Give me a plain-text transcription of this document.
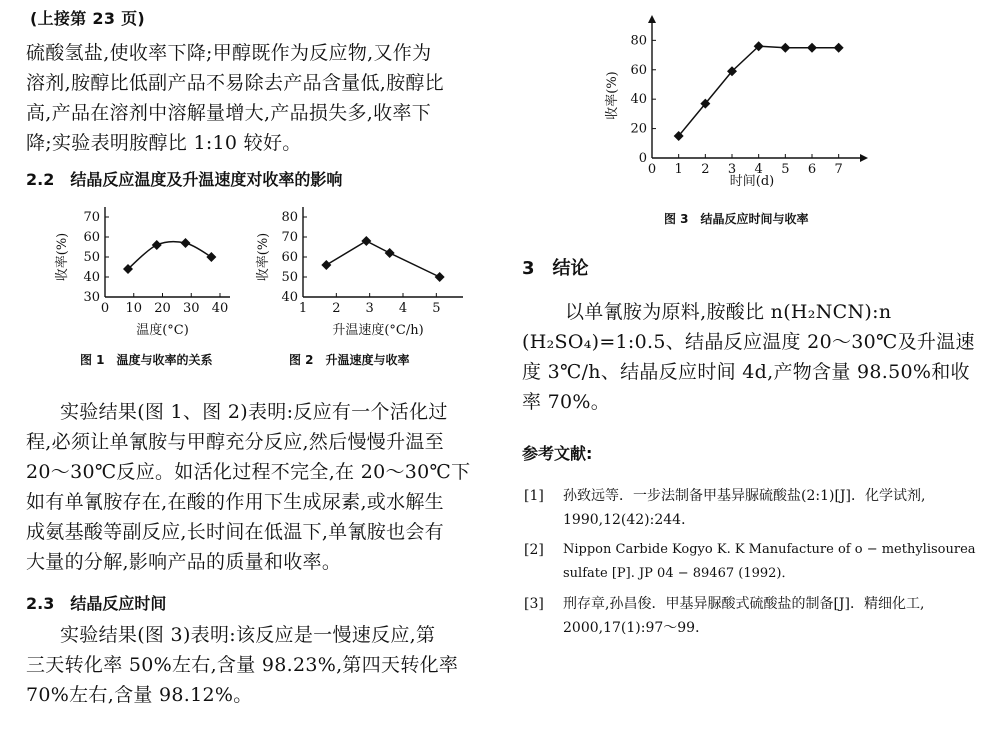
(上接第 23 页)
硫酸氢盐,使收率下降;甲醇既作为反应物,又作为
溶剂,胺醇比低副产品不易除去产品含量低,胺醇比
高,产品在溶剂中溶解量增大,产品损失多,收率下
降;实验表明胺醇比 1:10 较好。
2.2　结晶反应温度及升温速度对收率的影响
0 10 20 30 40
30
40
50
60
70
温度(°C)
收率(%)
图 1　温度与收率的关系
1 2 3 4 5
40
50
60
70
80
升温速度(°C/h)
收率(%)
图 2　升温速度与收率
实验结果(图 1、图 2)表明:反应有一个活化过
程,必须让单氰胺与甲醇充分反应,然后慢慢升温至
20～30℃反应。如活化过程不完全,在 20～30℃下
如有单氰胺存在,在酸的作用下生成尿素,或水解生
成氨基酸等副反应,长时间在低温下,单氰胺也会有
大量的分解,影响产品的质量和收率。
2.3　结晶反应时间
实验结果(图 3)表明:该反应是一慢速反应,第
三天转化率 50%左右,含量 98.23%,第四天转化率
70%左右,含量 98.12%。
0 1 2 3 4 5 6 7
0
20
40
60
80
时间(d)
收率(%)
图 3　结晶反应时间与收率
3　结论
以单氰胺为原料,胺酸比 n(H₂NCN):n
(H₂SO₄)=1:0.5、结晶反应温度 20～30℃及升温速
度 3℃/h、结晶反应时间 4d,产物含量 98.50%和收
率 70%。
参考文献:
[1] 孙致远等．一步法制备甲基异脲硫酸盐(2:1)[J]．化学试剂,
1990,12(42):244．
[2] Nippon Carbide Kogyo K. K Manufacture of o − methylisourea
sulfate [P]. JP 04 − 89467 (1992)．
[3] 刑存章,孙昌俊．甲基异脲酸式硫酸盐的制备[J]．精细化工,
2000,17(1):97～99．
